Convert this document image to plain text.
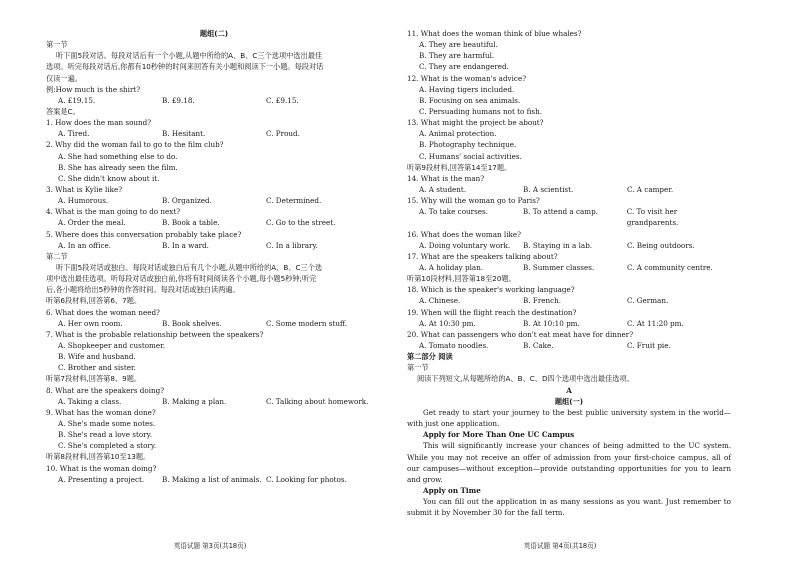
题组(二)
第一节
听下面5段对话。每段对话后有一个小题,从题中所给的A、B、C三个选项中选出最佳
选项。听完每段对话后,你都有10秒钟的时间来回答有关小题和阅读下一小题。每段对话
仅读一遍。
例:How much is the shirt?
A. £19.15.	B. £9.18.	C. £9.15.
答案是C。
1. How does the man sound?
A. Tired.	B. Hesitant.	C. Proud.
2. Why did the woman fail to go to the film club?
A. She had something else to do.
B. She has already seen the film.
C. She didn't know about it.
3. What is Kylie like?
A. Humorous.	B. Organized.	C. Determined.
4. What is the man going to do next?
A. Order the meal.	B. Book a table.	C. Go to the street.
5. Where does this conversation probably take place?
A. In an office.	B. In a ward.	C. In a library.
第二节
听下面5段对话或独白。每段对话或独白后有几个小题,从题中所给的A、B、C三个选
项中选出最佳选项。听每段对话或独白前,你将有时间阅读各个小题,每小题5秒钟;听完
后,各小题将给出5秒钟的作答时间。每段对话或独白读两遍。
听第6段材料,回答第6、7题。
6. What does the woman need?
A. Her own room.	B. Book shelves.	C. Some modern stuff.
7. What is the probable relationship between the speakers?
A. Shopkeeper and customer.
B. Wife and husband.
C. Brother and sister.
听第7段材料,回答第8、9题。
8. What are the speakers doing?
A. Taking a class.	B. Making a plan.	C. Talking about homework.
9. What has the woman done?
A. She's made some notes.
B. She's read a love story.
C. She's completed a story.
听第8段材料,回答第10至13题。
10. What is the woman doing?
A. Presenting a project.	B. Making a list of animals. C. Looking for photos.
11. What does the woman think of blue whales?
A. They are beautiful.
B. They are harmful.
C. They are endangered.
12. What is the woman's advice?
A. Having tigers included.
B. Focusing on sea animals.
C. Persuading humans not to fish.
13. What might the project be about?
A. Animal protection.
B. Photography technique.
C. Humans' social activities.
听第9段材料,回答第14至17题。
14. What is the man?
A. A student.	B. A scientist.	C. A camper.
15. Why will the woman go to Paris?
A. To take courses.	B. To attend a camp.	C. To visit her grandparents.
16. What does the woman like?
A. Doing voluntary work.	B. Staying in a lab.	C. Being outdoors.
17. What are the speakers talking about?
A. A holiday plan.	B. Summer classes.	C. A community centre.
听第10段材料,回答第18至20题。
18. Which is the speaker's working language?
A. Chinese.	B. French.	C. German.
19. When will the flight reach the destination?
A. At 10:30 pm.	B. At 10:10 pm.	C. At 11:20 pm.
20. What can passengers who don't eat meat have for dinner?
A. Tomato noodles.	B. Cake.	C. Fruit pie.
第二部分 阅读
第一节
阅读下列短文,从每题所给的A、B、C、D四个选项中选出最佳选项。
A
题组(一)
Get ready to start your journey to the best public university system in the world—with just one application.
Apply for More Than One UC Campus
This will significantly increase your chances of being admitted to the UC system. While you may not receive an offer of admission from your first-choice campus, all of our campuses—without exception—provide outstanding opportunities for you to learn and grow.
Apply on Time
You can fill out the application in as many sessions as you want. Just remember to submit it by November 30 for the fall term.
英语试题 第3页(共18页)	英语试题 第4页(共18页)
